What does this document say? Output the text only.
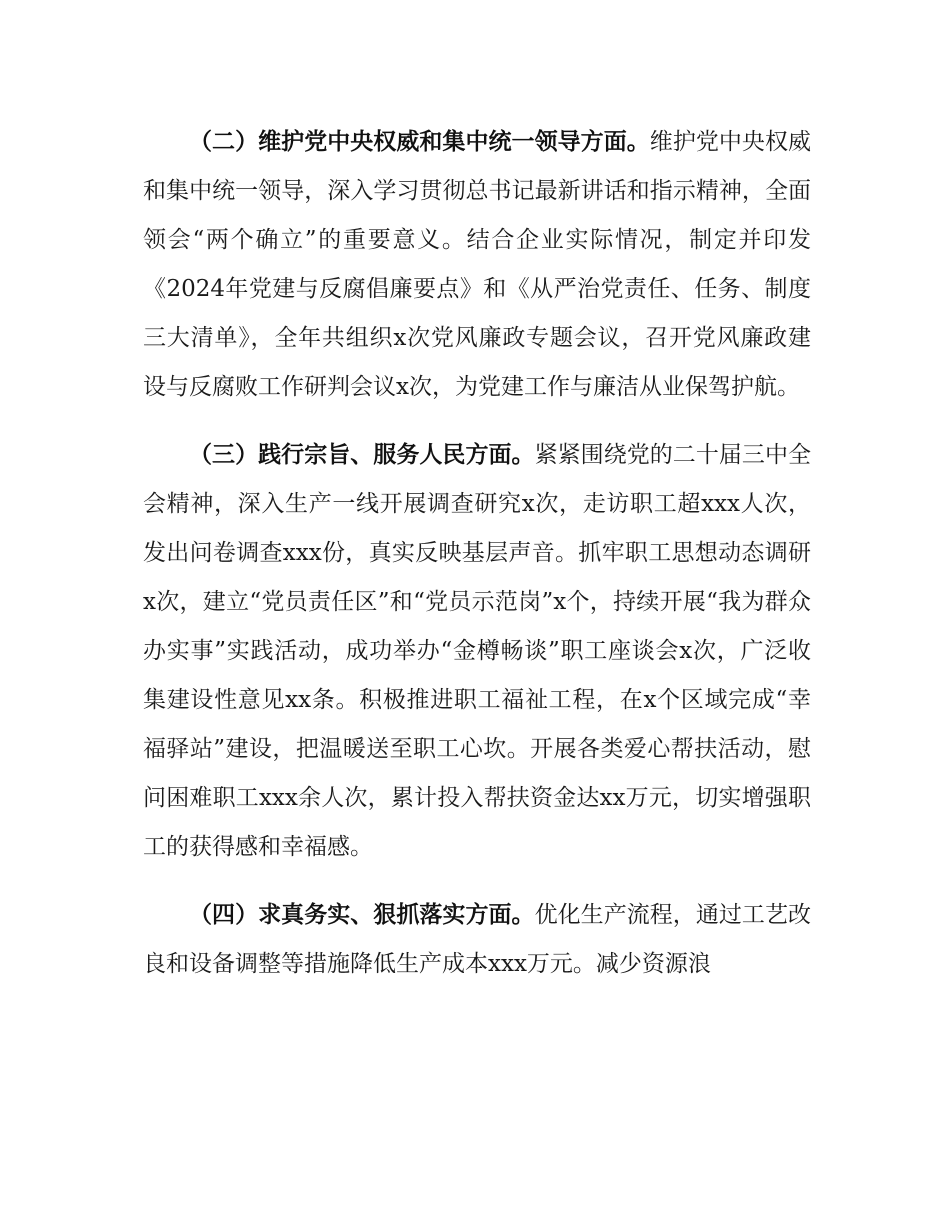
（二）维护党中央权威和集中统一领导方面。维护党中央权威和集中统一领导，深入学习贯彻总书记最新讲话和指示精神，全面领会“两个确立”的重要意义。结合企业实际情况，制定并印发《2024年党建与反腐倡廉要点》和《从严治党责任、任务、制度三大清单》，全年共组织x次党风廉政专题会议，召开党风廉政建设与反腐败工作研判会议x次，为党建工作与廉洁从业保驾护航。

（三）践行宗旨、服务人民方面。紧紧围绕党的二十届三中全会精神，深入生产一线开展调查研究x次，走访职工超xxx人次，发出问卷调查xxx份，真实反映基层声音。抓牢职工思想动态调研x次，建立“党员责任区”和“党员示范岗”x个，持续开展“我为群众办实事”实践活动，成功举办“金樽畅谈”职工座谈会x次，广泛收集建设性意见xx条。积极推进职工福祉工程，在x个区域完成“幸福驿站”建设，把温暖送至职工心坎。开展各类爱心帮扶活动，慰问困难职工xxx余人次，累计投入帮扶资金达xx万元，切实增强职工的获得感和幸福感。

（四）求真务实、狠抓落实方面。优化生产流程，通过工艺改良和设备调整等措施降低生产成本xxx万元。减少资源浪
